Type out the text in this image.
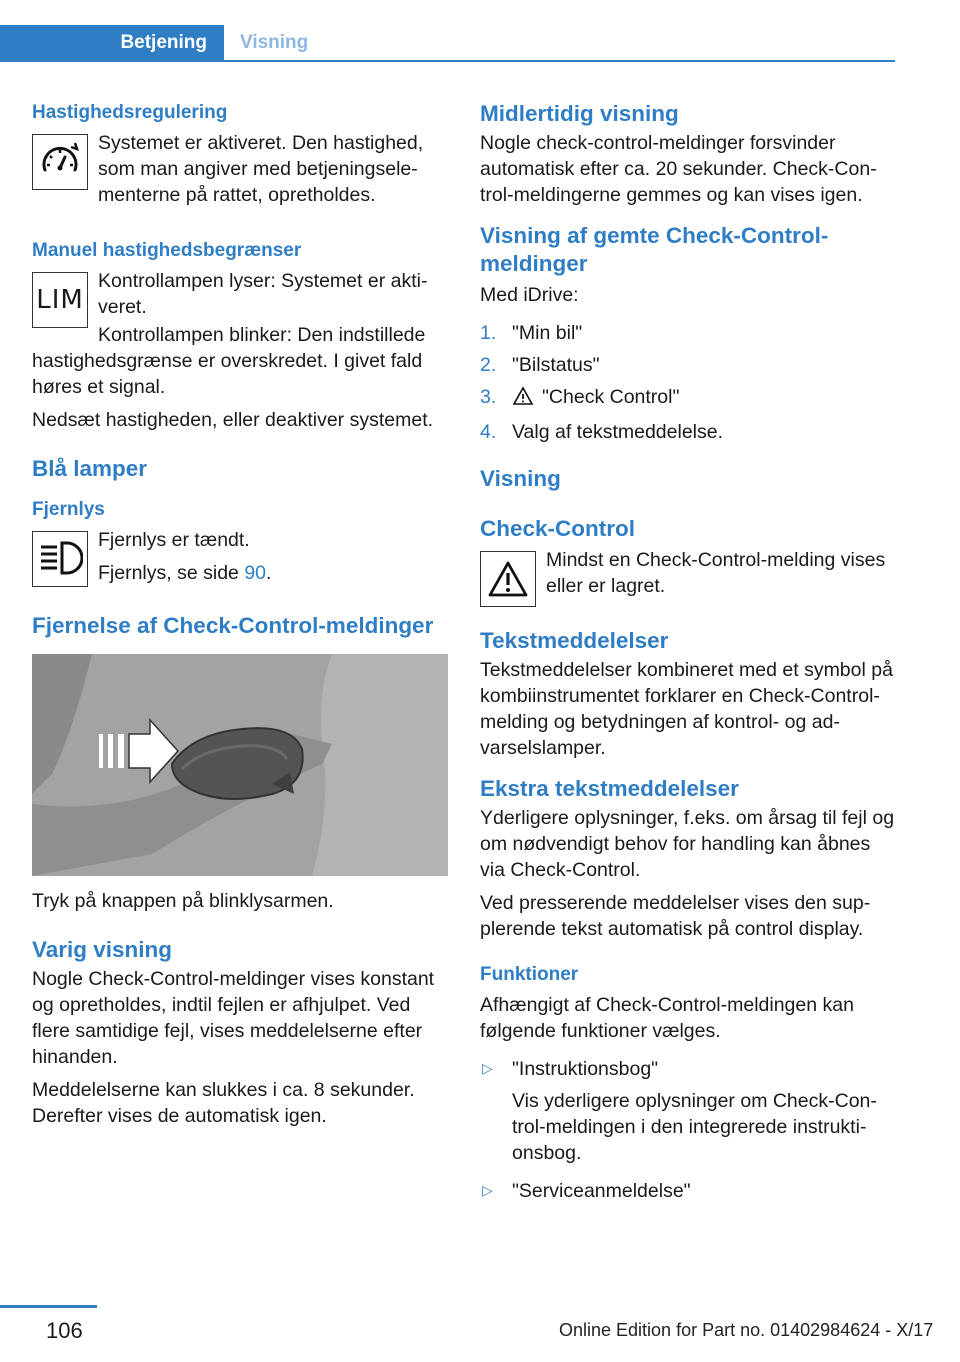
Betjening Visning
Hastighedsregulering

Systemet er aktiveret. Den hastighed, som man angiver med betjeningselementerne på rattet, opretholdes.

Manuel hastighedsbegrænser
LIM

Kontrollampen lyser: Systemet er aktiveret.

Kontrollampen blinker: Den indstillede hastighedsgrænse er overskredet. I givet fald høres et signal.

Nedsæt hastigheden, eller deaktiver systemet.

Blå lamper
Fjernlys

Fjernlys er tændt.

Fjernlys, se side 90.

Fjernelse af Check-Control-meldinger

Tryk på knappen på blinklysarmen.

Varig visning

Nogle Check-Control-meldinger vises konstant og opretholdes, indtil fejlen er afhjulpet. Ved flere samtidige fejl, vises meddelelserne efter hinanden.

Meddelelserne kan slukkes i ca. 8 sekunder. Derefter vises de automatisk igen.

Midlertidig visning

Nogle check-control-meldinger forsvinder automatisk efter ca. 20 sekunder. Check-Control-meldingerne gemmes og kan vises igen.

Visning af gemte Check-Control-meldinger

Med iDrive:

1. "Min bil"
2. "Bilstatus"
3. "Check Control"
4. Valg af tekstmeddelelse.
Visning
Check-Control

Mindst en Check-Control-melding vises eller er lagret.

Tekstmeddelelser

Tekstmeddelelser kombineret med et symbol på kombiinstrumentet forklarer en Check-Control-melding og betydningen af kontrol- og advarselslamper.

Ekstra tekstmeddelelser

Yderligere oplysninger, f.eks. om årsag til fejl og om nødvendigt behov for handling kan åbnes via Check-Control.

Ved presserende meddelelser vises den supplerende tekst automatisk på control display.

Funktioner

Afhængigt af Check-Control-meldingen kan følgende funktioner vælges.

▷ "Instruktionsbog"
Vis yderligere oplysninger om Check-Control-meldingen i den integrerede instruktionsbog.
▷ "Serviceanmeldelse"
106	Online Edition for Part no. 01402984624 - X/17
